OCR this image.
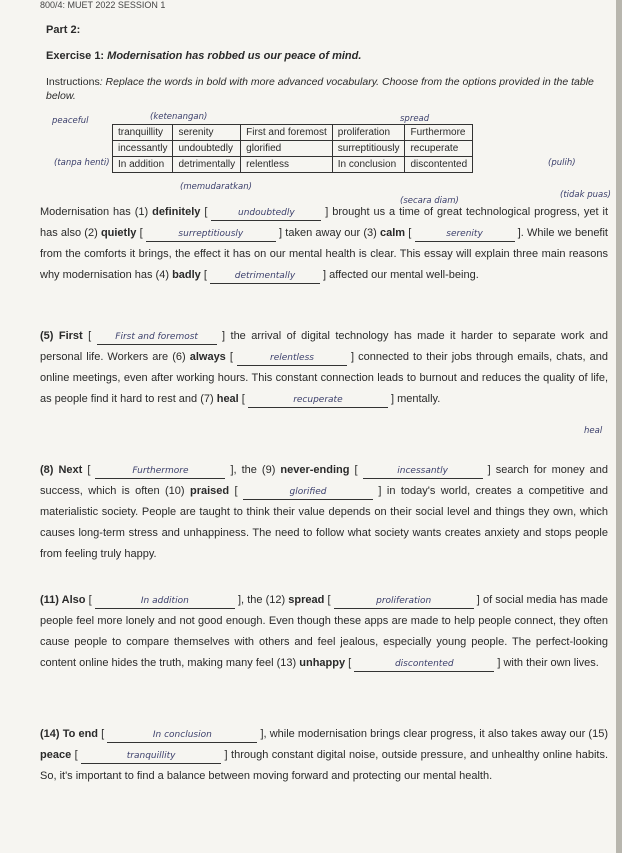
800/4: MUET 2022 SESSION 1
Part 2:
Exercise 1: Modernisation has robbed us our peace of mind.
Instructions: Replace the words in bold with more advanced vocabulary. Choose from the options provided in the table below.
peaceful	(ketenangan)	spread
tranquillity	serenity	First and foremost	proliferation	Furthermore
incessantly	undoubtedly	glorified	surreptitiously	recuperate
In addition	detrimentally	relentless	In conclusion	discontented
(tanpa henti)	(pulih)
(tidak puas)
(memudaratkan)
(secara diam)
Modernisation has (1) definitely [	undoubtedly ] brought us a time of great technological progress, yet it has also (2) quietly [	surreptitiously	] taken away our (3) calm [	serenity	]. While we benefit from the comforts it brings, the effect it has on our mental health is clear. This essay will explain three main reasons why modernisation has (4) badly [	detrimentally ] affected our mental well-being.
(5) First [ First and foremost ] the arrival of digital technology has made it harder to separate work and personal life. Workers are (6) always [	relentless	] connected to their jobs through emails, chats, and online meetings, even after working hours. This constant connection leads to burnout and reduces the quality of life, as people find it hard to rest and (7) heal [	recuperate	] mentally.
heal
(8) Next [	Furthermore	], the (9) never-ending [	incessantly	] search for money and success, which is often (10) praised [	glorified	] in today's world, creates a competitive and materialistic society. People are taught to think their value depends on their social level and things they own, which causes long-term stress and unhappiness. The need to follow what society wants creates anxiety and stops people from feeling truly happy.
(11) Also [	In addition	], the (12) spread [	proliferation	] of social media has made people feel more lonely and not good enough. Even though these apps are made to help people connect, they often cause people to compare themselves with others and feel jealous, especially young people. The perfect-looking content online hides the truth, making many feel (13) unhappy [	discontented	] with their own lives.
(14) To end [	In conclusion	], while modernisation brings clear progress, it also takes away our (15) peace [	tranquillity	] through constant digital noise, outside pressure, and unhealthy online habits. So, it's important to find a balance between moving forward and protecting our mental health.
